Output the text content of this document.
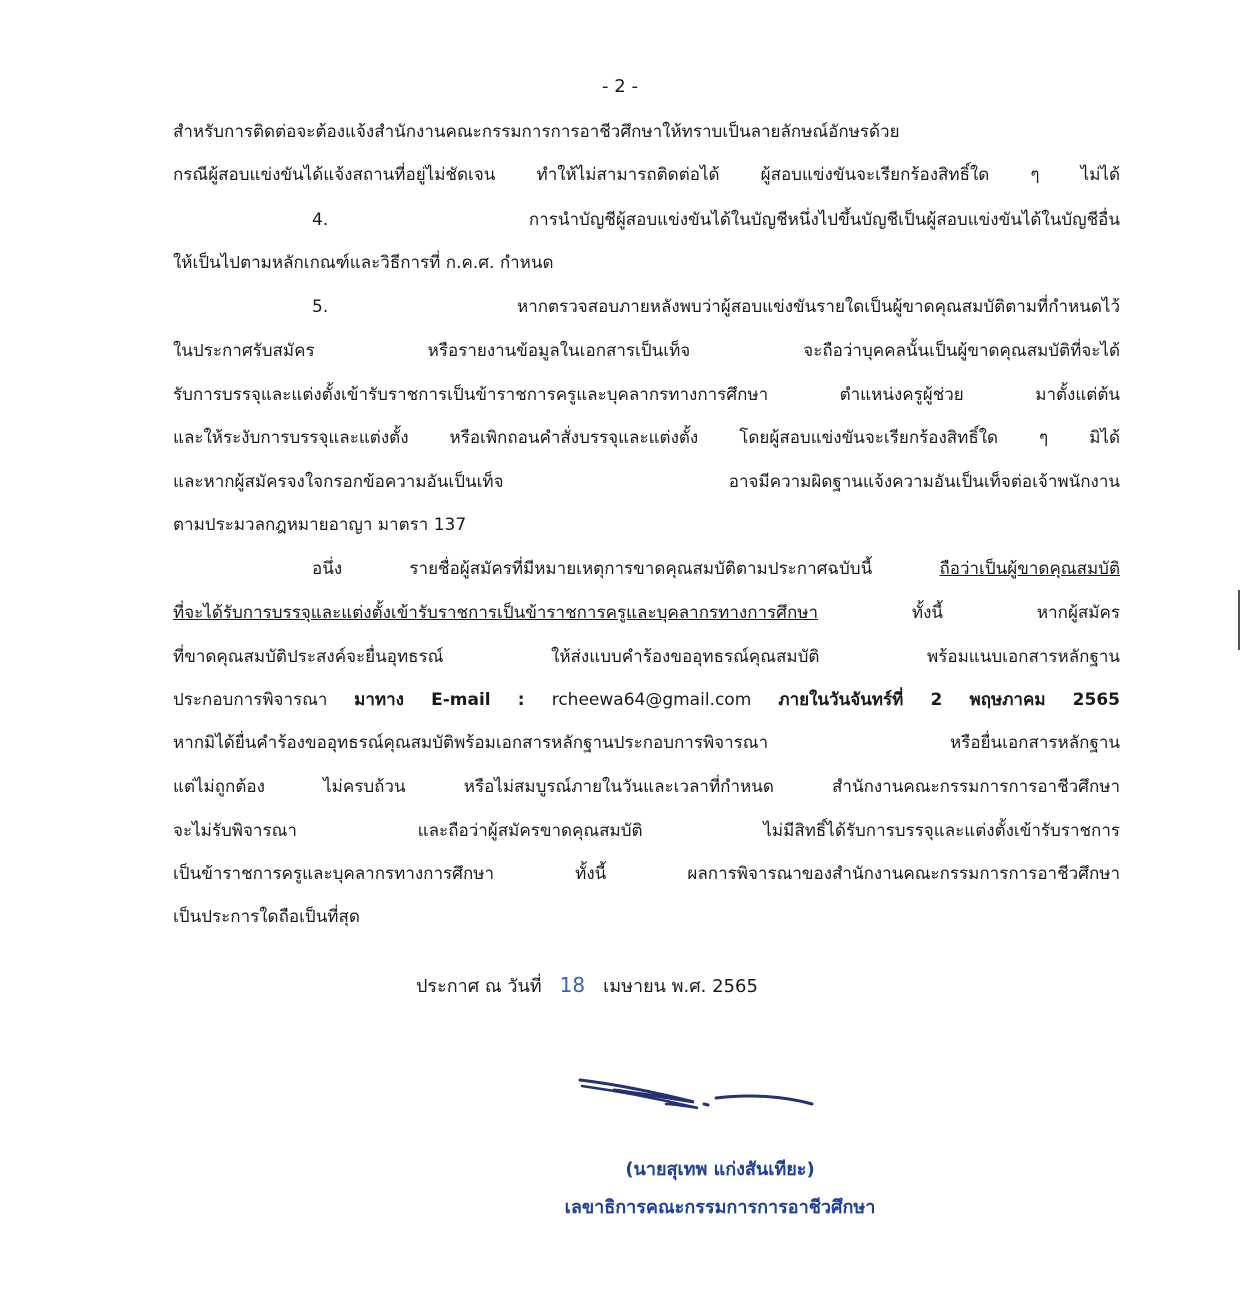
- 2 -
สำหรับการติดต่อจะต้องแจ้งสำนักงานคณะกรรมการการอาชีวศึกษาให้ทราบเป็นลายลักษณ์อักษรด้วย
กรณีผู้สอบแข่งขันได้แจ้งสถานที่อยู่ไม่ชัดเจน ทำให้ไม่สามารถติดต่อได้ ผู้สอบแข่งขันจะเรียกร้องสิทธิ์ใด ๆ ไม่ได้
4. การนำบัญชีผู้สอบแข่งขันได้ในบัญชีหนึ่งไปขึ้นบัญชีเป็นผู้สอบแข่งขันได้ในบัญชีอื่น
ให้เป็นไปตามหลักเกณฑ์และวิธีการที่ ก.ค.ศ. กำหนด
5. หากตรวจสอบภายหลังพบว่าผู้สอบแข่งขันรายใดเป็นผู้ขาดคุณสมบัติตามที่กำหนดไว้
ในประกาศรับสมัคร หรือรายงานข้อมูลในเอกสารเป็นเท็จ จะถือว่าบุคคลนั้นเป็นผู้ขาดคุณสมบัติที่จะได้
รับการบรรจุและแต่งตั้งเข้ารับราชการเป็นข้าราชการครูและบุคลากรทางการศึกษา ตำแหน่งครูผู้ช่วย มาตั้งแต่ต้น
และให้ระงับการบรรจุและแต่งตั้ง หรือเพิกถอนคำสั่งบรรจุและแต่งตั้ง โดยผู้สอบแข่งขันจะเรียกร้องสิทธิ์ใด ๆ มิได้
และหากผู้สมัครจงใจกรอกข้อความอันเป็นเท็จ อาจมีความผิดฐานแจ้งความอันเป็นเท็จต่อเจ้าพนักงาน
ตามประมวลกฎหมายอาญา มาตรา 137
อนึ่ง รายชื่อผู้สมัครที่มีหมายเหตุการขาดคุณสมบัติตามประกาศฉบับนี้ ถือว่าเป็นผู้ขาดคุณสมบัติ
ที่จะได้รับการบรรจุและแต่งตั้งเข้ารับราชการเป็นข้าราชการครูและบุคลากรทางการศึกษา ทั้งนี้ หากผู้สมัคร
ที่ขาดคุณสมบัติประสงค์จะยื่นอุทธรณ์ ให้ส่งแบบคำร้องขออุทธรณ์คุณสมบัติ พร้อมแนบเอกสารหลักฐาน
ประกอบการพิจารณา มาทาง E-mail : rcheewa64@gmail.com ภายในวันจันทร์ที่ 2 พฤษภาคม 2565
หากมิได้ยื่นคำร้องขออุทธรณ์คุณสมบัติพร้อมเอกสารหลักฐานประกอบการพิจารณา หรือยื่นเอกสารหลักฐาน
แต่ไม่ถูกต้อง ไม่ครบถ้วน หรือไม่สมบูรณ์ภายในวันและเวลาที่กำหนด สำนักงานคณะกรรมการการอาชีวศึกษา
จะไม่รับพิจารณา และถือว่าผู้สมัครขาดคุณสมบัติ ไม่มีสิทธิ์ได้รับการบรรจุและแต่งตั้งเข้ารับราชการ
เป็นข้าราชการครูและบุคลากรทางการศึกษา ทั้งนี้ ผลการพิจารณาของสำนักงานคณะกรรมการการอาชีวศึกษา
เป็นประการใดถือเป็นที่สุด
ประกาศ ณ วันที่ 18 เมษายน พ.ศ. 2565
(นายสุเทพ แก่งสันเทียะ)
เลขาธิการคณะกรรมการการอาชีวศึกษา
